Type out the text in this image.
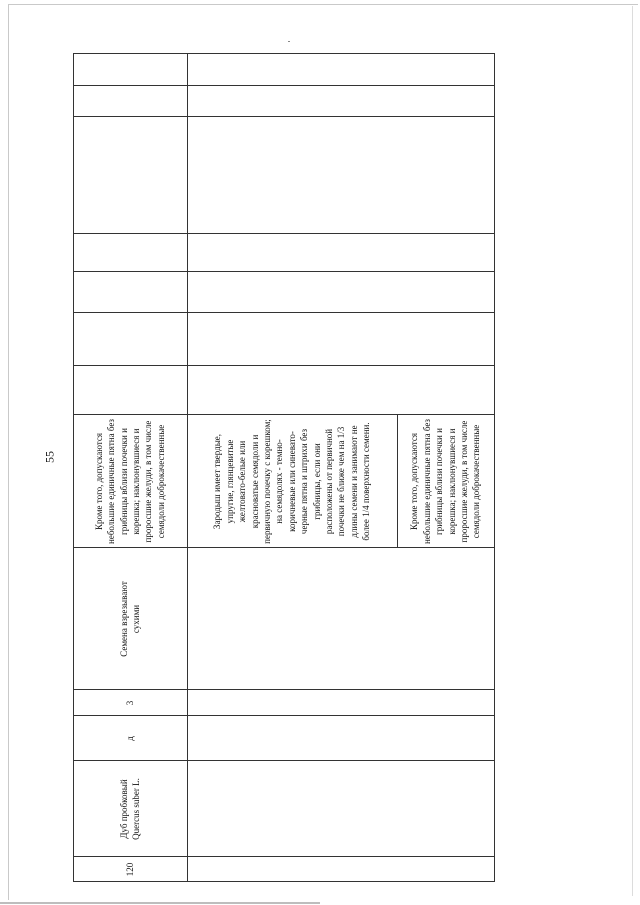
55
120
Дуб пробковый Quercus suber L.
д
3
Семена взрезывают сухими
Кроме того, допускаются небольшие единичные пятна без грибницы вблизи почечки и корешка; наклюнувшиеся и проросшие желуди, в том числе семядоли доброкачественные	Зародыш имеет твердые, упругие, глянцевитые желтовато-белые или красноватые семядоли и первичную почечку с корешком; на семядолях - темно-коричневые или синевато-черные пятна и штрихи без грибницы, если они расположены от первичной почечки не ближе чем на 1/3 длины семени и занимают не более 1/4 поверхности семени.	Кроме того, допускаются небольшие единичные пятна без грибницы вблизи почечки и корешка; наклюнувшиеся и проросшие желуди, в том числе семядоли доброкачественные
